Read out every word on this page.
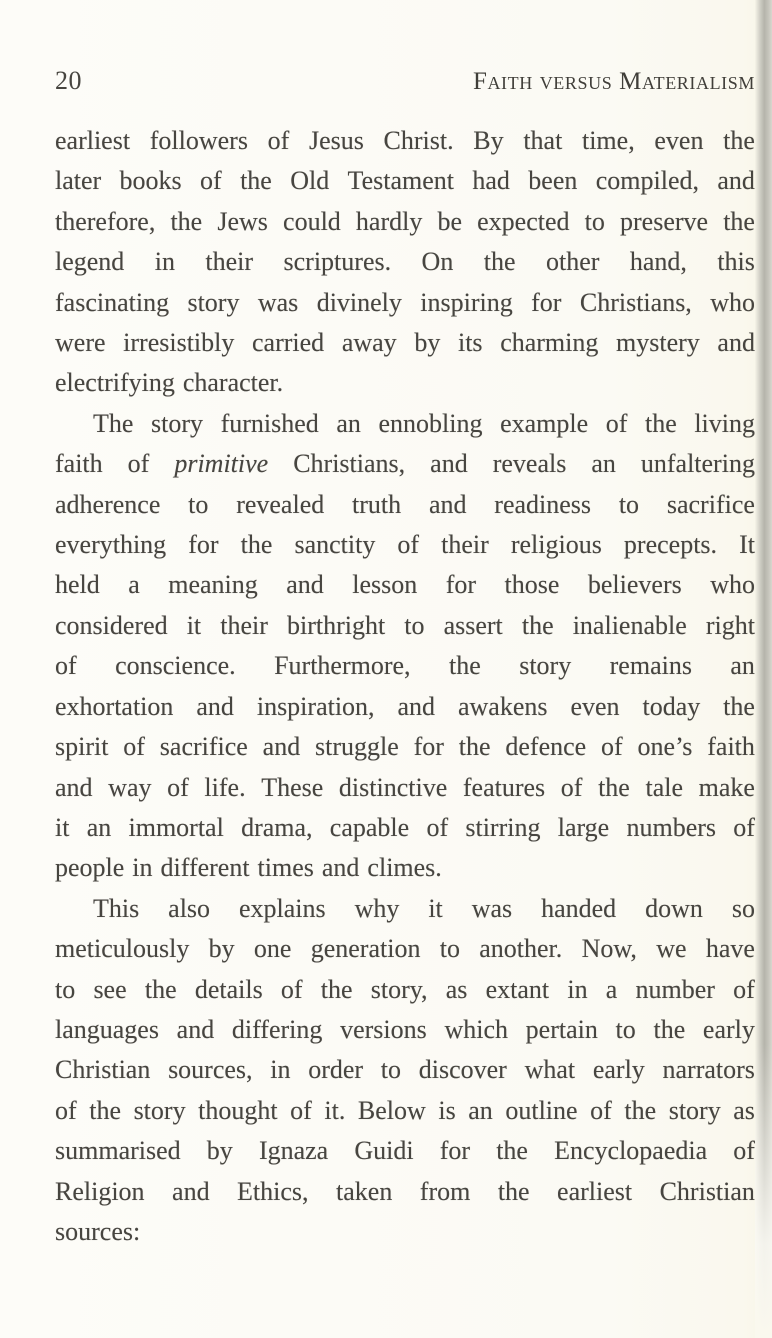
20	Faith versus Materialism
earliest followers of Jesus Christ. By that time, even the
later books of the Old Testament had been compiled, and
therefore, the Jews could hardly be expected to preserve the
legend in their scriptures. On the other hand, this
fascinating story was divinely inspiring for Christians, who
were irresistibly carried away by its charming mystery and
electrifying character.
The story furnished an ennobling example of the living
faith of primitive Christians, and reveals an unfaltering
adherence to revealed truth and readiness to sacrifice
everything for the sanctity of their religious precepts. It
held a meaning and lesson for those believers who
considered it their birthright to assert the inalienable right
of conscience. Furthermore, the story remains an
exhortation and inspiration, and awakens even today the
spirit of sacrifice and struggle for the defence of one’s faith
and way of life. These distinctive features of the tale make
it an immortal drama, capable of stirring large numbers of
people in different times and climes.
This also explains why it was handed down so
meticulously by one generation to another. Now, we have
to see the details of the story, as extant in a number of
languages and differing versions which pertain to the early
Christian sources, in order to discover what early narrators
of the story thought of it. Below is an outline of the story as
summarised by Ignaza Guidi for the Encyclopaedia of
Religion and Ethics, taken from the earliest Christian
sources:
